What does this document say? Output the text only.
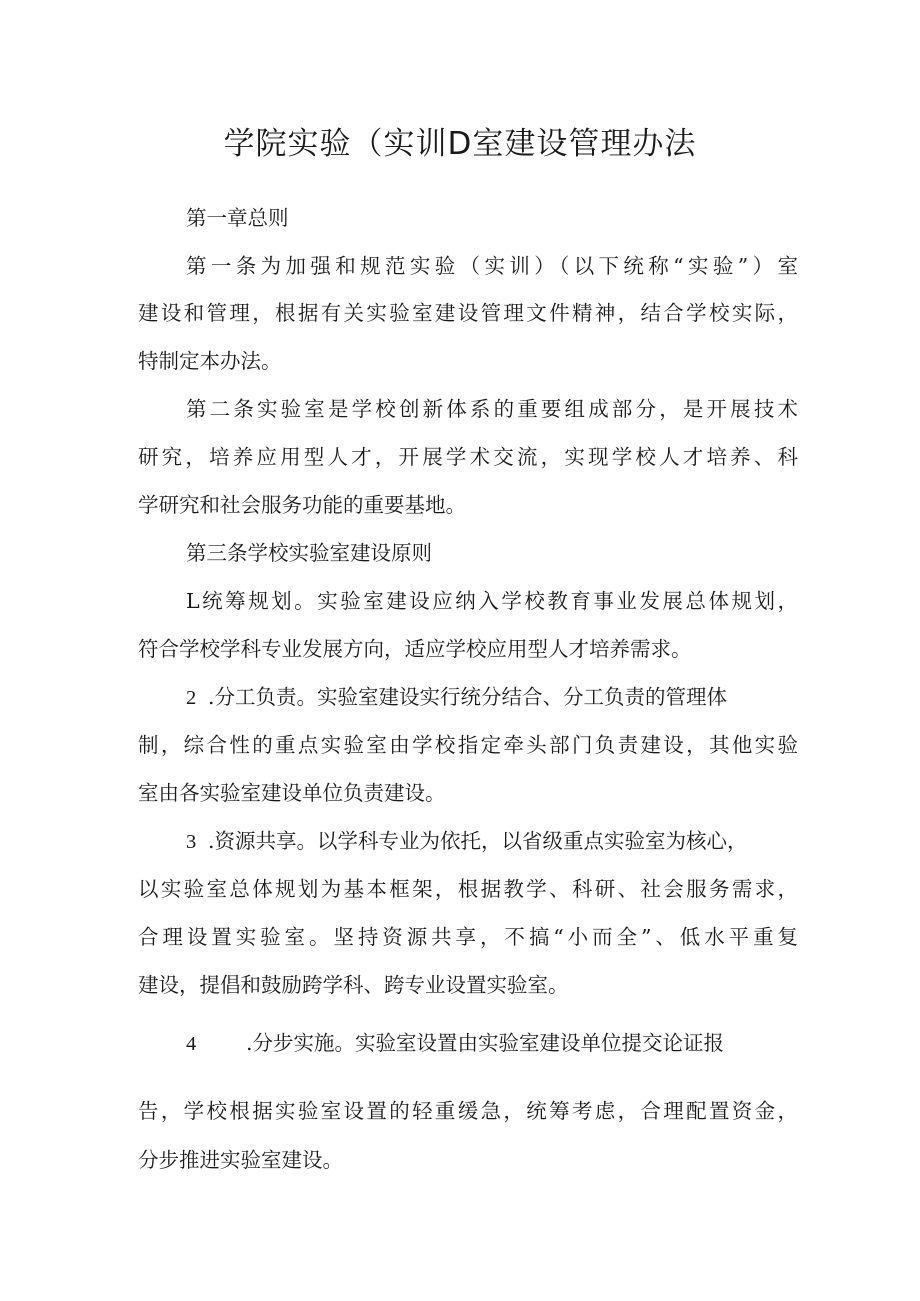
学院实验（实训D室建设管理办法
第一章总则
第一条为加强和规范实验（实训）（以下统称“实验”）室
建设和管理，根据有关实验室建设管理文件精神，结合学校实际，
特制定本办法。
第二条实验室是学校创新体系的重要组成部分，是开展技术
研究，培养应用型人才，开展学术交流，实现学校人才培养、科
学研究和社会服务功能的重要基地。
第三条学校实验室建设原则
L统筹规划。实验室建设应纳入学校教育事业发展总体规划，
符合学校学科专业发展方向，适应学校应用型人才培养需求。
2 .分工负责。实验室建设实行统分结合、分工负责的管理体
制，综合性的重点实验室由学校指定牵头部门负责建设，其他实验
室由各实验室建设单位负责建设。
3 .资源共享。以学科专业为依托，以省级重点实验室为核心，
以实验室总体规划为基本框架，根据教学、科研、社会服务需求，
合理设置实验室。坚持资源共享，不搞“小而全”、低水平重复
建设，提倡和鼓励跨学科、跨专业设置实验室。
4 .分步实施。实验室设置由实验室建设单位提交论证报
告，学校根据实验室设置的轻重缓急，统筹考虑，合理配置资金，
分步推进实验室建设。
